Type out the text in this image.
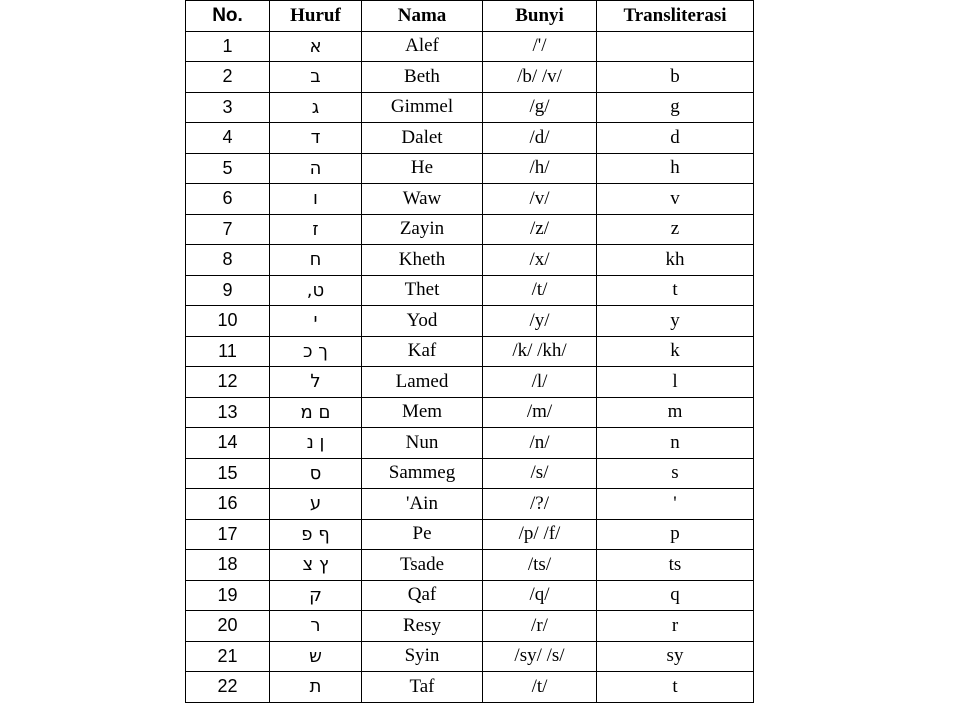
No.	Huruf	Nama	Bunyi	Transliterasi
1	א	Alef	/'/	
2	ב	Beth	/b/ /v/	b
3	ג	Gimmel	/g/	g
4	ד	Dalet	/d/	d
5	ה	He	/h/	h
6	ו	Waw	/v/	v
7	ז	Zayin	/z/	z
8	ח	Kheth	/x/	kh
9	ט,	Thet	/t/	t
10	י	Yod	/y/	y
11	ך כ	Kaf	/k/ /kh/	k
12	ל	Lamed	/l/	l
13	ם מ	Mem	/m/	m
14	ן נ	Nun	/n/	n
15	ס	Sammeg	/s/	s
16	ע	'Ain	/?/	'
17	ף פ	Pe	/p/ /f/	p
18	ץ צ	Tsade	/ts/	ts
19	ק	Qaf	/q/	q
20	ר	Resy	/r/	r
21	ש	Syin	/sy/ /s/	sy
22	ת	Taf	/t/	t
